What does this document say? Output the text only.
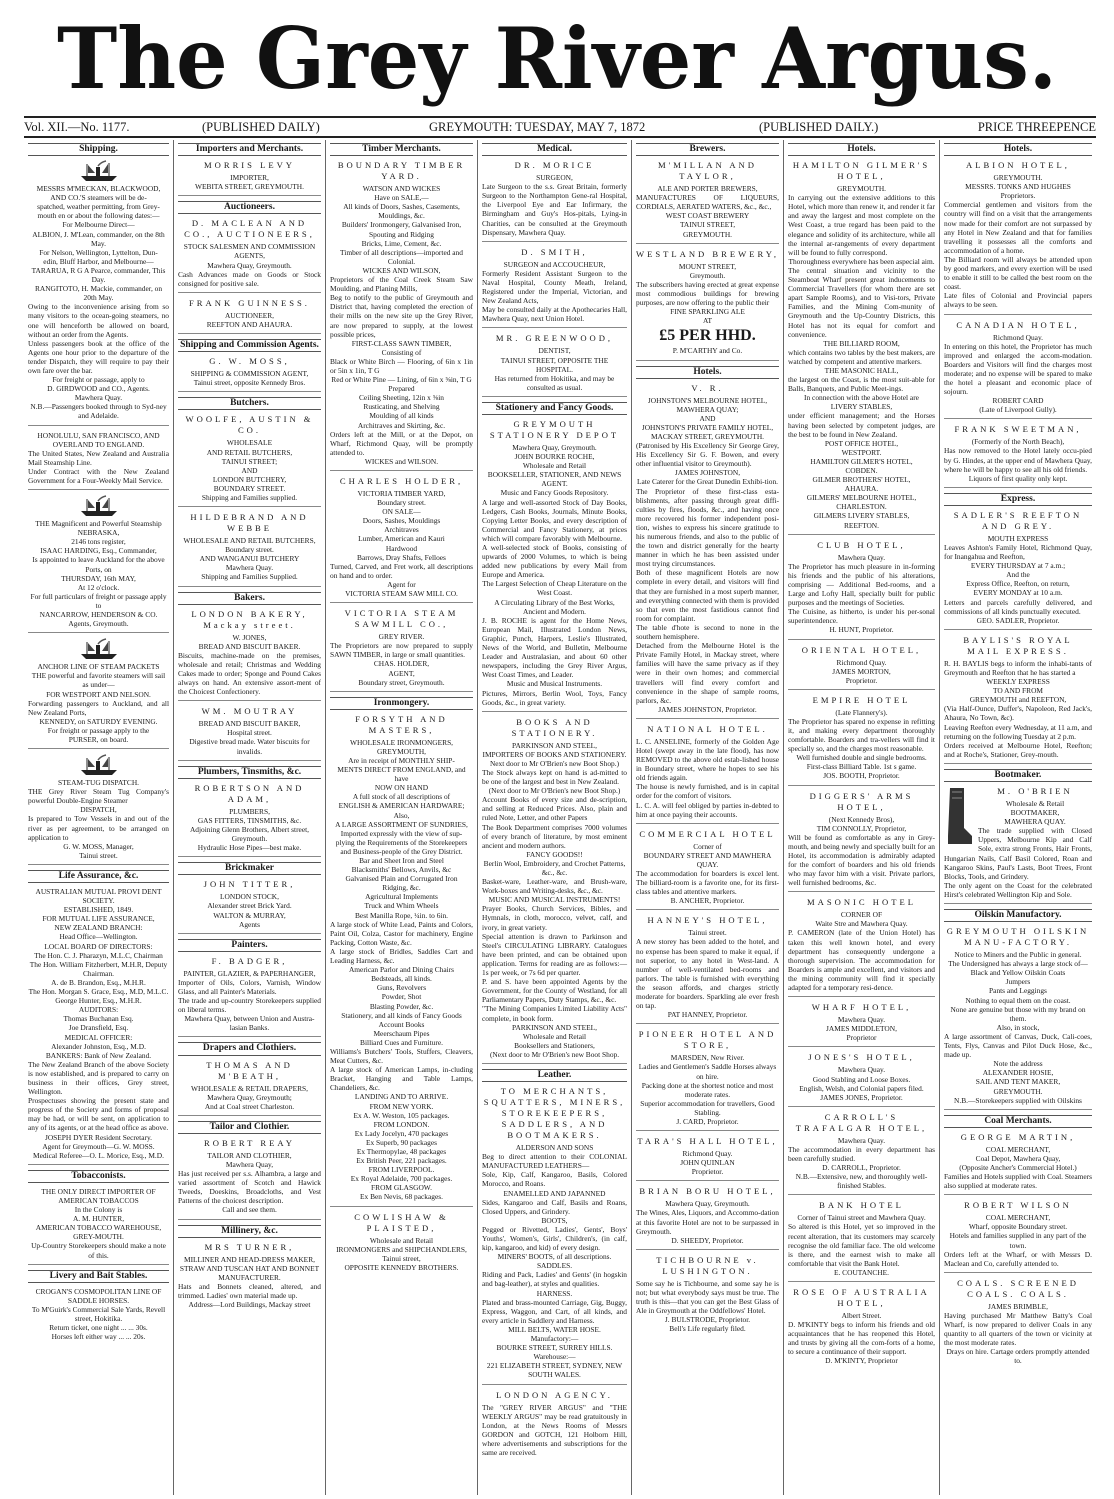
The Grey River Argus.
Vol. XII.—No. 1177.	(PUBLISHED DAILY)	GREYMOUTH: TUESDAY, MAY 7, 1872	(PUBLISHED DAILY.)	PRICE THREEPENCE
Shipping.
MESSRS M'MECKAN, BLACKWOOD, AND CO.'S steamers will be de-
spatched, weather permitting, from Grey-
mouth en or about the following dates:—
For Melbourne Direct—
ALBION, J. M'Lean, commander, on the 8th May.
For Nelson, Wellington, Lyttelton, Dun-
edin, Bluff Harbor, and Melbourne—
TARARUA, R G A Pearce, commander, This Day.
RANGITOTO, H. Mackie, commander, on 20th May.
Owing to the inconvenience arising from so many visitors to the ocean-going steamers, no one will henceforth be allowed on board, without an order from the Agents.
Unless passengers book at the office of the Agents one hour prior to the departure of the tender Dispatch, they will require to pay their own fare over the bar.
For freight or passage, apply to
D. GIRDWOOD and CO., Agents.
Mawhera Quay.
N.B.—Passengers booked through to Syd-ney and Adelaide.
HONOLULU, SAN FRANCISCO, AND OVERLAND TO ENGLAND.
The United States, New Zealand and Australia Mail Steamship Line.
Under Contract with the New Zealand Government for a Four-Weekly Mail Service.
THE Magnificent and Powerful Steamship
NEBRASKA,
2146 tons register,
ISAAC HARDING, Esq., Commander,
Is appointed to leave Auckland for the above Ports, on
THURSDAY, 16th MAY,
At 12 o'clock.
For full particulars of freight or passage apply to
NANCARROW, HENDERSON & CO.
Agents, Greymouth.
ANCHOR LINE OF STEAM PACKETS
THE powerful and favorite steamers will sail as under—
FOR WESTPORT AND NELSON.
Forwarding passengers to Auckland, and all New Zealand Ports,
KENNEDY, on SATURDY EVENING.
For freight or passage apply to the
PURSER, on board.
STEAM-TUG DISPATCH.
THE Grey River Steam Tug Company's powerful Double-Engine Steamer
DISPATCH,
Is prepared to Tow Vessels in and out of the river as per agreement, to be arranged on application to
G. W. MOSS, Manager,
Tainui street.
Life Assurance, &c.
AUSTRALIAN MUTUAL PROVI DENT SOCIETY.
ESTABLISHED, 1849.
FOR MUTUAL LIFE ASSURANCE,
NEW ZEALAND BRANCH:
Head Office—Wellington.
LOCAL BOARD OF DIRECTORS:
The Hon. C. J. Pharazyn, M.L.C, Chairman
The Hon. William Fitzherbert, M.H.R, Deputy Chairman.
A. de B. Brandon, Esq., M.H.R.
The Hon. Morgan S. Grace, Esq., M.D, M.L.C.
George Hunter, Esq., M.H.R.
AUDITORS:
Thomas Buchanan Esq.
Joe Dransfield, Esq.
MEDICAL OFFICER:
Alexander Johnston, Esq., M.D.
BANKERS: Bank of New Zealand.
The New Zealand Branch of the above Society is now established, and is prepared to carry on business in their offices, Grey street, Wellington.
Prospectuses showing the present state and progress of the Society and forms of proposal may be had, or will be sent, on application to any of its agents, or at the head office as above.
JOSEPH DYER Resident Secretary.
Agent for Greymouth—G. W. MOSS.
Medical Referee—O. L. Morice, Esq., M.D.
Tobacconists.
THE ONLY DIRECT IMPORTER OF AMERICAN TOBACCOS
In the Colony is
A. M. HUNTER,
AMERICAN TOBACCO WAREHOUSE, GREY-MOUTH.
Up-Country Storekeepers should make a note of this.
Livery and Bait Stables.
CROGAN'S COSMOPOLITAN LINE OF SADDLE HORSES.
To M'Guirk's Commercial Sale Yards, Revell street, Hokitika.
Return ticket, one night ... ... 30s.
Horses left either way ... ... 20s.
Importers and Merchants.
MORRIS LEVY
IMPORTER,
WEBITA STREET, GREYMOUTH.
Auctioneers.
D. MACLEAN AND CO., AUCTIONEERS,
STOCK SALESMEN AND COMMISSION AGENTS,
Mawhera Quay, Greymouth.
Cash Advances made on Goods or Stock consigned for positive sale.
FRANK GUINNESS.
AUCTIONEER,
REEFTON AND AHAURA.
Shipping and Commission Agents.
G. W. MOSS,
SHIPPING & COMMISSION AGENT,
Tainui street, opposite Kennedy Bros.
Butchers.
WOOLFE, AUSTIN & CO.
WHOLESALE
AND RETAIL BUTCHERS,
TAINUI STREET;
AND
LONDON BUTCHERY,
BOUNDARY STREET.
Shipping and Families supplied.
HILDEBRAND AND WEBBE
WHOLESALE AND RETAIL BUTCHERS,
Boundary street.
AND WANGANUI BUTCHERY
Mawhera Quay.
Shipping and Families Supplied.
Bakers.
LONDON BAKERY, Mackay street.
W. JONES,
BREAD AND BISCUIT BAKER.
Biscuits, machine-made on the premises, wholesale and retail; Christmas and Wedding Cakes made to order; Sponge and Pound Cakes always on hand. An extensive assort-ment of the Choicest Confectionery.
WM. MOUTRAY
BREAD AND BISCUIT BAKER,
Hospital street.
Digestive bread made. Water biscuits for invalids.
Plumbers, Tinsmiths, &c.
ROBERTSON AND ADAM,
PLUMBERS,
GAS FITTERS, TINSMITHS, &c.
Adjoining Glenn Brothers, Albert street, Greymouth.
Hydraulic Hose Pipes—best make.
Brickmaker
JOHN TITTER,
LONDON STOCK,
Alexander street Brick Yard.
WALTON & MURRAY,
Agents
Painters.
F. BADGER,
PAINTER, GLAZIER, & PAPERHANGER,
Importer of Oils, Colors, Varnish, Window Glass, and all Painter's Materials.
The trade and up-country Storekeepers supplied on liberal terms.
Mawhera Quay, between Union and Austra-lasian Banks.
Drapers and Clothiers.
THOMAS AND M'BEATH,
WHOLESALE & RETAIL DRAPERS,
Mawhera Quay, Greymouth;
And at Coal street Charleston.
Tailor and Clothier.
ROBERT REAY
TAILOR AND CLOTHIER,
Mawhera Quay,
Has just received per s.s. Alhambra, a large and varied assortment of Scotch and Hawick Tweeds, Doeskins, Broadcloths, and Vest Patterns of the choicest description.
Call and see them.
Millinery, &c.
MRS TURNER,
MILLINER AND HEAD-DRESS MAKER,
STRAW AND TUSCAN HAT AND BONNET MANUFACTURER.
Hats and Bonnets cleaned, altered, and trimmed. Ladies' own material made up.
Address—Lord Buildings, Mackay street
Timber Merchants.
BOUNDARY TIMBER YARD.
WATSON AND WICKES
Have on SALE,—
All kinds of Doors, Sashes, Casements, Mouldings, &c.
Builders' Ironmongery, Galvanised Iron, Spouting and Ridging
Bricks, Lime, Cement, &c.
Timber of all descriptions—imported and Colonial.
WICKES AND WILSON,
Proprietors of the Coal Creek Steam Saw Moulding, and Planing Mills,
Beg to notify to the public of Greymouth and District that, having completed the erection of their mills on the new site up the Grey River, are now prepared to supply, at the lowest possible prices,
FIRST-CLASS SAWN TIMBER,
Consisting of
Black or White Birch — Flooring, of 6in x 1in or 5in x 1in, T G
Red or White Pine — Lining, of 6in x ⅝in, T G
Prepared
Ceiling Sheeting, 12in x ⅝in
Rusticating, and Shelving
Moulding of all kinds
Architraves and Skirting, &c.
Orders left at the Mill, or at the Depot, on Wharf, Richmond Quay, will be promptly attended to.
WICKES and WILSON.
CHARLES HOLDER,
VICTORIA TIMBER YARD,
Boundary street.
ON SALE—
Doors, Sashes, Mouldings
Architraves
Lumber, American and Kauri
Hardwood
Barrows, Dray Shafts, Felloes
Turned, Carved, and Fret work, all descriptions on hand and to order.
Agent for
VICTORIA STEAM SAW MILL CO.
VICTORIA STEAM SAWMILL CO.,
GREY RIVER.
The Proprietors are now prepared to supply SAWN TIMBER, in large or small quantities.
CHAS. HOLDER,
AGENT,
Boundary street, Greymouth.
Ironmongery.
FORSYTH AND MASTERS,
WHOLESALE IRONMONGERS,
GREYMOUTH,
Are in receipt of MONTHLY SHIP-
MENTS DIRECT FROM ENGLAND, and
have
NOW ON HAND
A full stock of all descriptions of
ENGLISH & AMERICAN HARDWARE;
Also,
A LARGE ASSORTMENT OF SUNDRIES,
Imported expressly with the view of sup-
plying the Requirements of the Storekeepers
and Business-people of the Grey District.
Bar and Sheet Iron and Steel
Blacksmiths' Bellows, Anvils, &c
Galvanised Plain and Corrugated Iron
Ridging, &c.
Agricultural Implements
Truck and Whim Wheels
Best Manilla Rope, ¼in. to 6in.
A large stock of White Lead, Paints and Colors, Paint Oil, Colza, Castor for machinery, Engine Packing, Cotton Waste, &c.
A large stock of Bridles, Saddles Cart and Leading Harness, &c.
American Parlor and Dining Chairs
Bedsteads, all kinds.
Guns, Revolvers
Powder, Shot
Blasting Powder, &c.
Stationery, and all kinds of Fancy Goods
Account Books
Meerschaum Pipes
Billiard Cues and Furniture.
Williams's Butchers' Tools, Stuffers, Cleavers, Meat Cutters, &c.
A large stock of American Lamps, in-cluding Bracket, Hanging and Table Lamps, Chandeliers, &c.
LANDING AND TO ARRIVE.
FROM NEW YORK.
Ex A. W. Weston, 105 packages.
FROM LONDON.
Ex Lady Jocelyn, 470 packages
Ex Superb, 90 packages
Ex Thermopylae, 48 packages
Ex British Peer, 221 packages.
FROM LIVERPOOL.
Ex Royal Adelaide, 700 packages.
FROM GLASGOW.
Ex Ben Nevis, 68 packages.
COWLISHAW & PLAISTED,
Wholesale and Retail
IRONMONGERS and SHIPCHANDLERS,
Tainui street,
OPPOSITE KENNEDY BROTHERS.
Medical.
DR. MORICE
SURGEON,
Late Surgeon to the s.s. Great Britain, formerly Surgeon to the Northampton Gene-ral Hospital, the Liverpool Eye and Ear Infirmary, the Birmingham and Guy's Hos-pitals, Lying-in Charities, can be consulted at the Greymouth Dispensary, Mawhera Quay.
D. SMITH,
SURGEON and ACCOUCHEUR,
Formerly Resident Assistant Surgeon to the Naval Hospital, County Meath, Ireland, Registered under the Imperial, Victorian, and New Zealand Acts,
May be consulted daily at the Apothecaries Hall, Mawhera Quay, next Union Hotel.
MR. GREENWOOD,
DENTIST,
TAINUI STREET, OPPOSITE THE HOSPITAL.
Has returned from Hokitika, and may be consulted as usual.
Stationery and Fancy Goods.
GREYMOUTH STATIONERY DEPOT
Mawhera Quay, Greymouth.
JOHN BOURKE ROCHE,
Wholesale and Retail
BOOKSELLER, STATIONER, AND NEWS AGENT.
Music and Fancy Goods Repository.
A large and well-assorted Stock of Day Books, Ledgers, Cash Books, Journals, Minute Books, Copying Letter Books, and every description of Commercial and Fancy Stationery, at prices which will compare favorably with Melbourne.
A well-selected stock of Books, consisting of upwards of 2000 Volumes, to which is being added new publications by every Mail from Europe and America.
The Largest Selection of Cheap Literature on the West Coast.
A Circulating Library of the Best Works, Ancient and Modern.
J. B. ROCHE is agent for the Home News, European Mail, Illustrated London News, Graphic, Punch, Harpers, Leslie's Illustrated, News of the World, and Bulletin, Melbourne Leader and Australasian, and about 60 other newspapers, including the Grey River Argus, West Coast Times, and Leader.
Music and Musical Instruments.
Pictures, Mirrors, Berlin Wool, Toys, Fancy Goods, &c., in great variety.
BOOKS AND STATIONERY.
PARKINSON AND STEEL,
IMPORTERS OF BOOKS AND STATIONERY.
Next door to Mr O'Brien's new Boot Shop.)
The Stock always kept on hand is ad-mitted to be one of the largest and best in New Zealand.
(Next door to Mr O'Brien's new Boot Shop.)
Account Books of every size and de-scription, and selling at Reduced Prices. Also, plain and ruled Note, Letter, and other Papers
The Book Department comprises 7000 volumes of every branch of literature, by most eminent ancient and modern authors.
FANCY GOODS!!
Berlin Wool, Embroidery, and Crochet Patterns, &c., &c.
Basket-ware, Leather-ware, and Brush-ware, Work-boxes and Writing-desks, &c., &c.
MUSIC AND MUSICAL INSTRUMENTS!
Prayer Books, Church Services, Bibles, and Hymnals, in cloth, morocco, velvet, calf, and ivory, in great variety.
Special attention is drawn to Parkinson and Steel's CIRCULATING LIBRARY. Catalogues have been printed, and can be obtained upon application. Terms for reading are as follows:—1s per week, or 7s 6d per quarter.
P. and S. have been appointed Agents by the Government, for the County of Westland, for all Parliamentary Papers, Duty Stamps, &c., &c.
"The Mining Companies Limited Liability Acts" complete, in book form.
PARKINSON AND STEEL,
Wholesale and Retail
Booksellers and Stationers,
(Next door to Mr O'Brien's new Boot Shop.
Leather.
TO MERCHANTS, SQUATTERS, MINERS, STOREKEEPERS, SADDLERS, AND BOOTMAKERS.
ALDERSON AND SONS
Beg to direct attention to their COLONIAL MANUFACTURED LEATHERS—
Sole, Kip, Calf, Kangaroo, Basils, Colored Morocco, and Roans.
ENAMELLED AND JAPANNED
Sides, Kangaroo and Calf, Basils and Roans, Closed Uppers, and Grindery.
BOOTS,
Pegged or Rivetted, Ladies', Gents', Boys' Youths', Women's, Girls', Children's, (in calf, kip, kangaroo, and kid) of every design.
MINERS' BOOTS, of all descriptions.
SADDLES.
Riding and Pack, Ladies' and Gents' (in hogskin and bag-leather), at styles and qualities.
HARNESS.
Plated and brass-mounted Carriage, Gig, Buggy, Express, Waggon, and Cart, of all kinds, and every article in Saddlery and Harness.
MILL BELTS, WATER HOSE.
Manufactory:—
BOURKE STREET, SURREY HILLS.
Warehouse:—
221 ELIZABETH STREET, SYDNEY, NEW SOUTH WALES.
LONDON AGENCY.
The "GREY RIVER ARGUS" and "THE WEEKLY ARGUS" may be read gratuitously in London, at the News Rooms of Messrs GORDON and GOTCH, 121 Holborn Hill, where advertisements and subscriptions for the same are received.
Brewers.
M'MILLAN AND TAYLOR,
ALE AND PORTER BREWERS,
MANUFACTURES OF LIQUEURS, CORDIALS, AERATED WATERS, &c., &c.,
WEST COAST BREWERY
TAINUI STREET,
GREYMOUTH.
WESTLAND BREWERY,
MOUNT STREET,
Greymouth.
The subscribers having erected at great expense most commodious buildings for brewing purposes, are now offering to the public their
FINE SPARKLING ALE
AT
£5 PER HHD.
P. M'CARTHY and Co.
Hotels.
V. R.
JOHNSTON'S MELBOURNE HOTEL,
MAWHERA QUAY;
AND
JOHNSTON'S PRIVATE FAMILY HOTEL,
MACKAY STREET, GREYMOUTH.
(Patronised by His Excellency Sir George Grey, His Excellency Sir G. F. Bowen, and every other influential visitor to Greymouth).
JAMES JOHNSTON,
Late Caterer for the Great Dunedin Exhibi-tion.
The Proprietor of these first-class esta-blishments, after passing through great diffi-culties by fires, floods, &c., and having once more recovered his former independent posi-tion, wishes to express his sincere gratitude to his numerous friends, and also to the public of the town and district generally for the hearty manner in which he has been assisted under most trying circumstances.
Both of these magnificent Hotels are now complete in every detail, and visitors will find that they are furnished in a most superb manner, and everything connected with them is provided so that even the most fastidious cannot find room for complaint.
The table d'hote is second to none in the southern hemisphere.
Detached from the Melbourne Hotel is the Private Family Hotel, in Mackay street, where families will have the same privacy as if they were in their own homes; and commercial travellers will find every comfort and convenience in the shape of sample rooms, parlors, &c.
JAMES JOHNSTON, Proprietor.
NATIONAL HOTEL.
L. C. ANSELINE, formerly of the Golden Age Hotel (swept away in the late flood), has now REMOVED to the above old estab-lished house in Boundary street, where he hopes to see his old friends again.
The house is newly furnished, and is in capital order for the comfort of visitors.
L. C. A. will feel obliged by parties in-debted to him at once paying their accounts.
COMMERCIAL HOTEL
Corner of
BOUNDARY STREET AND MAWHERA QUAY.
The accommodation for boarders is excel lent. The billiard-room is a favorite one, for its first-class tables and attentive markers.
B. ANCHER, Proprietor.
HANNEY'S HOTEL,
Tainui street.
A new storey has been added to the hotel, and no expense has been spared to make it equal, if not superior, to any hotel in West-land. A number of well-ventilated bed-rooms and parlors. The table is furnished with everything the season affords, and charges strictly moderate for boarders. Sparkling ale ever fresh on tap.
PAT HANNEY, Proprietor.
PIONEER HOTEL AND STORE,
MARSDEN, New River.
Ladies and Gentlemen's Saddle Horses always on hire.
Packing done at the shortest notice and most moderate rates.
Superior accommodation for travellers, Good Stabling.
J. CARD, Proprietor.
TARA'S HALL HOTEL,
Richmond Quay.
JOHN QUINLAN
Proprietor.
BRIAN BORU HOTEL,
Mawhera Quay, Greymouth.
The Wines, Ales, Liquors, and Accommo-dation at this favorite Hotel are not to be surpassed in Greymouth.
D. SHEEDY, Proprietor.
TICHBOURNE v. LUSHINGTON.
Some say he is Tichbourne, and some say he is not; but what everybody says must be true. The truth is this—that you can get the Best Glass of Ale in Greymouth at the Oddfellows' Hotel.
J. BULSTRODE, Proprietor.
Bell's Life regularly filed.
Hotels.
HAMILTON GILMER'S HOTEL,
GREYMOUTH.
In carrying out the extensive additions to this Hotel, which more than renew it, and render it far and away the largest and most complete on the West Coast, a true regard has been paid to the elegance and solidity of its architecture, while all the internal ar-rangements of every department will be found to fully correspond.
Thoroughness everywhere has been aspecial aim.
The central situation and vicinity to the Steamboat Wharf present great inducements to Commercial Travellers (for whom there are set apart Sample Rooms), and to Visi-tors, Private Families, and the Mining Com-munity of Greymouth and the Up-Country Districts, this Hotel has not its equal for comfort and convenience.
THE BILLIARD ROOM,
which contains two tables by the best makers, are watched by competent and attentive markers.
THE MASONIC HALL,
the largest on the Coast, is the most suit-able for Balls, Banquets, and Public Meet-ings.
In connection with the above Hotel are
LIVERY STABLES,
under efficient management; and the Horses having been selected by competent judges, are the best to be found in New Zealand.
POST OFFICE HOTEL,
WESTPORT.
HAMILTON GILMER'S HOTEL,
COBDEN.
GILMER BROTHERS' HOTEL,
AHAURA.
GILMERS' MELBOURNE HOTEL,
CHARLESTON.
GILMERS LIVERY STABLES,
REEFTON.
CLUB HOTEL,
Mawhera Quay.
The Proprietor has much pleasure in in-forming his friends and the public of his alterations, comprising — Additional Bed-rooms, and a Large and Lofty Hall, specially built for public purposes and the meetings of Societies.
The Cuisine, as hitherto, is under his per-sonal superintendence.
H. HUNT, Proprietor.
ORIENTAL HOTEL,
Richmond Quay.
JAMES MORTON,
Proprietor.
EMPIRE HOTEL
(Late Flannery's).
The Proprietor has spared no expense in refitting it, and making every department thoroughly comfortable. Boarders and tra-vellers will find it specially so, and the charges most reasonable.
Well furnished double and single bedrooms.
First-class Billiard Table. 1st s game.
JOS. BOOTH, Proprietor.
DIGGERS' ARMS HOTEL,
(Next Kennedy Bros),
TIM CONNOLLY, Proprietor,
Will be found as comfortable as any in Grey-mouth, and being newly and specially built for an Hotel, its accommodation is admirably adapted for the comfort of boarders and his old friends who may favor him with a visit. Private parlors, well furnished bedrooms, &c.
MASONIC HOTEL
CORNER OF
Waite Stre and Mawhera Quay.
P. CAMERON (late of the Union Hotel) has taken this well known hotel, and every department has consequently undergone a thorough supervision. The accommodation for Boarders is ample and excellent, and visitors and the mining community will find it specially adapted for a temporary resi-dence.
WHARF HOTEL,
Mawhera Quay.
JAMES MIDDLETON,
Proprietor
JONES'S HOTEL,
Mawhera Quay.
Good Stabling and Loose Boxes.
English, Welsh, and Colonial papers filed.
JAMES JONES, Proprietor.
CARROLL'S TRAFALGAR HOTEL,
Mawhera Quay.
The accommodation in every department has been carefully studied.
D. CARROLL, Proprietor.
N.B.—Extensive, new, and thoroughly well-finished Stables.
BANK HOTEL
Corner of Tainui street and Mawhera Quay.
So altered is this Hotel, yet so improved in the recent alteration, that its customers may scarcely recognise the old familiar face. The old welcome is there, and the earnest wish to make all comfortable that visit the Bank Hotel.
E. COUTANCHE.
ROSE OF AUSTRALIA HOTEL,
Albert Street.
D. M'KINTY begs to inform his friends and old acquaintances that he has reopened this Hotel, and trusts by giving all the com-forts of a home, to secure a continuance of their support.
D. M'KINTY, Proprietor
Hotels.
ALBION HOTEL,
GREYMOUTH.
MESSRS. TONKS AND HUGHES
Proprietors.
Commercial gentlemen and visitors from the country will find on a visit that the arrangements now made for their comfort are not surpassed by any Hotel in New Zealand and that for families travelling it possesses all the comforts and accommodation of a home.
The Billiard room will always be attended upon by good markers, and every exertion will be used to enable it still to be called the best room on the coast.
Late files of Colonial and Provincial papers always to be seen.
CANADIAN HOTEL,
Richmond Quay.
In entering on this hotel, the Proprietor has much improved and enlarged the accom-modation. Boarders and Visitors will find the charges most moderate; and no expense will be spared to make the hotel a pleasant and economic place of sojourn.
ROBERT CARD
(Late of Liverpool Gully).
FRANK SWEETMAN,
(Formerly of the North Beach),
Has now removed to the Hotel lately occu-pied by G. Hindes, at the upper end of Mawhera Quay, where he will be happy to see all his old friends.
Liquors of first quality only kept.
Express.
SADLER'S REEFTON AND GREY.
MOUTH EXPRESS
Leaves Ashton's Family Hotel, Richmond Quay, for Inangahua and Reefton,
EVERY THURSDAY at 7 a.m.;
And the
Express Office, Reefton, on return,
EVERY MONDAY at 10 a.m.
Letters and parcels carefully delivered, and commissions of all kinds punctually executed.
GEO. SADLER, Proprietor.
BAYLIS'S ROYAL MAIL EXPRESS.
R. H. BAYLIS begs to inform the inhabi-tants of Greymouth and Reefton that he has started a
WEEKLY EXPRESS
TO AND FROM
GREYMOUTH and REEFTON,
(Via Half-Ounce, Duffer's, Napoleon, Red Jack's, Ahaura, No Town, &c).
Leaving Reefton every Wednesday, at 11 a.m, and returning on the following Tuesday at 2 p.m.
Orders received at Melbourne Hotel, Reefton; and at Roche's, Stationer, Grey-mouth.
Bootmaker.
M. O'BRIEN
Wholesale & Retail
BOOTMAKER,
MAWHERA QUAY.
The trade supplied with Closed Uppers, Melbourne Kip and Calf Sole, extra strong Fronts, Hair Fronts, Hungarian Nails, Calf Basil Colored, Roan and Kangaroo Skins, Paul's Lasts, Boot Trees, Front Blocks, Tools, and Grindery.
The only agent on the Coast for the celebrated Hirst's celebrated Wellington Kip and Sole.
Oilskin Manufactory.
GREYMOUTH OILSKIN MANU-FACTORY.
Notice to Miners and the Public in general.
The Undersigned has always a large stock of—
Black and Yellow Oilskin Coats
Jumpers
Pants and Leggings
Nothing to equal them on the coast.
None are genuine but those with my brand on them.
Also, in stock,
A large assortment of Canvas, Duck, Cali-coes, Tents, Flys, Canvas and Pilot Duck Hose, &c., made up.
Note the address
ALEXANDER HOSIE,
SAIL AND TENT MAKER,
GREYMOUTH.
N.B.—Storekeepers supplied with Oilskins
Coal Merchants.
GEORGE MARTIN,
COAL MERCHANT,
Coal Depot, Mawhera Quay,
(Opposite Ancher's Commercial Hotel.)
Families and Hotels supplied with Coal. Steamers also supplied at moderate rates.
ROBERT WILSON
COAL MERCHANT,
Wharf, opposite Boundary street.
Hotels and families supplied in any part of the town.
Orders left at the Wharf, or with Messrs D. Maclean and Co, carefully attended to.
COALS. SCREENED COALS. COALS.
JAMES BRIMBLE,
Having purchased Mr Matthew Batty's Coal Wharf, is now prepared to deliver Coals in any quantity to all quarters of the town or vicinity at the most moderate rates.
Drays on hire. Cartage orders promptly attended to.
